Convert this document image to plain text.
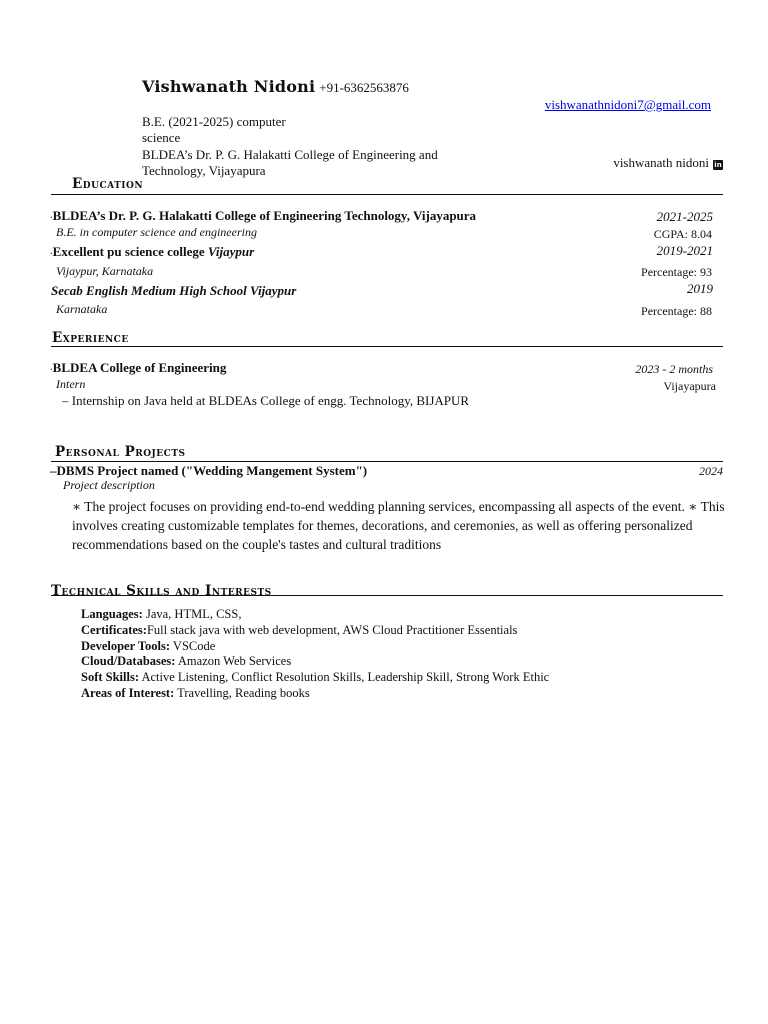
Vishwanath Nidoni +91-6362563876
vishwanathnidoni7@gmail.com
B.E. (2021-2025) computer
science
BLDEA’s Dr. P. G. Halakatti College of Engineering and
Technology, Vijayapura
vishwanath nidoni in
Education
·BLDEA’s Dr. P. G. Halakatti College of Engineering Technology, Vijayapura	2021-2025
B.E. in computer science and engineering	CGPA: 8.04
·Excellent pu science college Vijaypur	2019-2021
Vijaypur, Karnataka	Percentage: 93
Secab English Medium High School Vijaypur	2019
Karnataka	Percentage: 88
Experience
·BLDEA College of Engineering	2023 - 2 months
Intern	Vijayapura
– Internship on Java held at BLDEAs College of engg. Technology, BIJAPUR
Personal Projects
–DBMS Project named ("Wedding Mangement System")	2024
Project description
∗ The project focuses on providing end-to-end wedding planning services, encompassing all aspects of the event. ∗ This involves creating customizable templates for themes, decorations, and ceremonies, as well as offering personalized recommendations based on the couple's tastes and cultural traditions
Technical Skills and Interests
Languages: Java, HTML, CSS,
Certificates:Full stack java with web development, AWS Cloud Practitioner Essentials
Developer Tools: VSCode
Cloud/Databases: Amazon Web Services
Soft Skills: Active Listening, Conflict Resolution Skills, Leadership Skill, Strong Work Ethic
Areas of Interest: Travelling, Reading books
